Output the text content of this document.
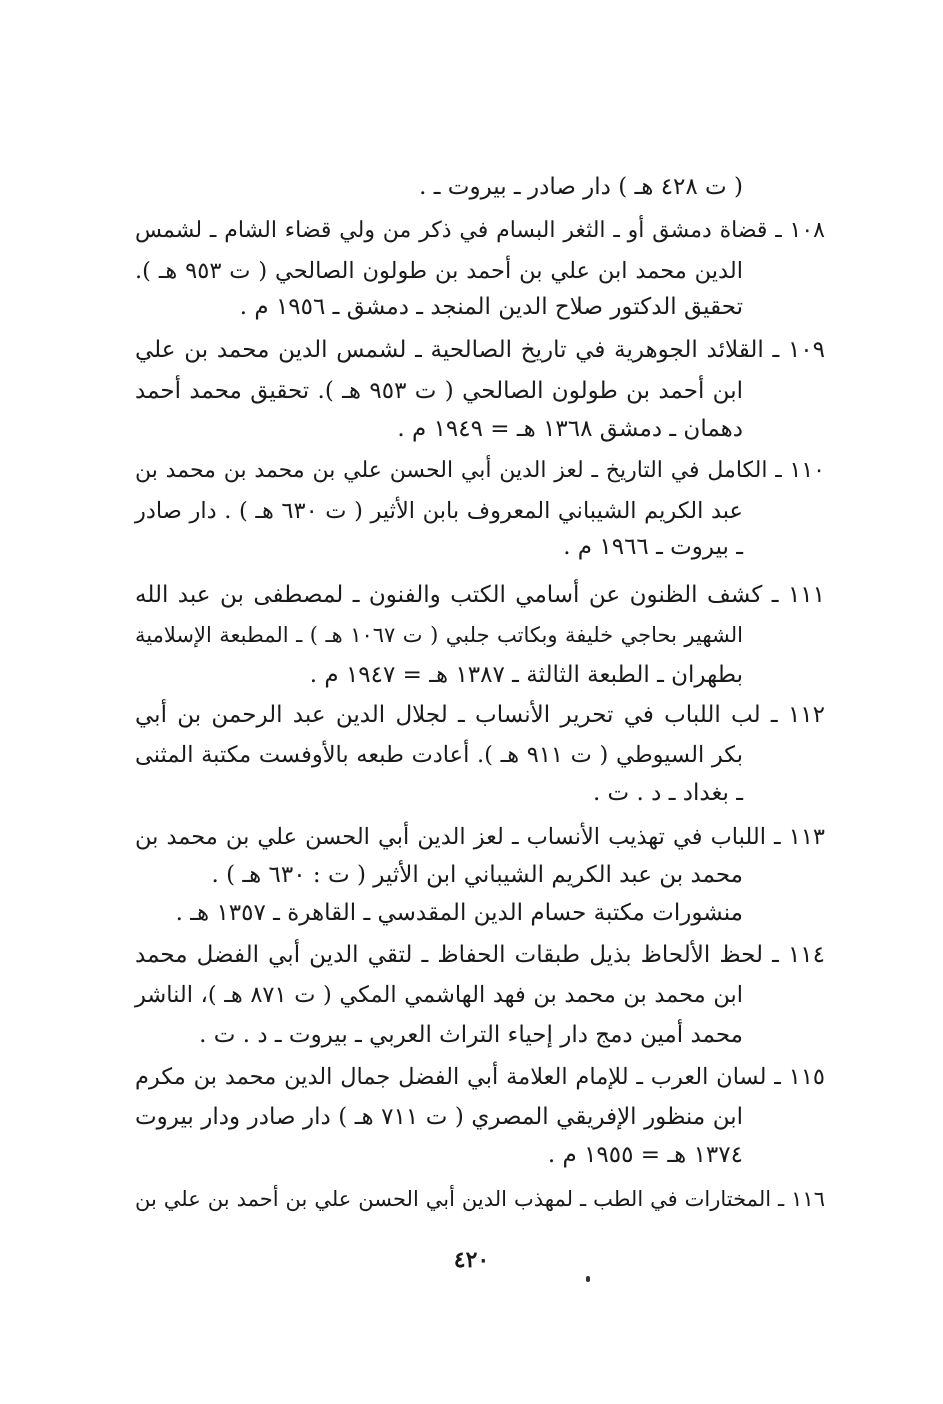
( ت ٤٢٨ هـ ) دار صادر ـ بيروت ـ .
١٠٨ ـ قضاة دمشق أو ـ الثغر البسام في ذكر من ولي قضاء الشام ـ لشمس
الدين محمد ابن علي بن أحمد بن طولون الصالحي ( ت ٩٥٣ هـ ).
تحقيق الدكتور صلاح الدين المنجد ـ دمشق ـ ١٩٥٦ م .
١٠٩ ـ القلائد الجوهرية في تاريخ الصالحية ـ لشمس الدين محمد بن علي
ابن أحمد بن طولون الصالحي ( ت ٩٥٣ هـ ). تحقيق محمد أحمد
دهمان ـ دمشق ١٣٦٨ هـ = ١٩٤٩ م .
١١٠ ـ الكامل في التاريخ ـ لعز الدين أبي الحسن علي بن محمد بن محمد بن
عبد الكريم الشيباني المعروف بابن الأثير ( ت ٦٣٠ هـ ) . دار صادر
ـ بيروت ـ ١٩٦٦ م .
١١١ ـ كشف الظنون عن أسامي الكتب والفنون ـ لمصطفى بن عبد الله
الشهير بحاجي خليفة وبكاتب جلبي ( ت ١٠٦٧ هـ ) ـ المطبعة الإسلامية
بطهران ـ الطبعة الثالثة ـ ١٣٨٧ هـ = ١٩٤٧ م .
١١٢ ـ لب اللباب في تحرير الأنساب ـ لجلال الدين عبد الرحمن بن أبي
بكر السيوطي ( ت ٩١١ هـ ). أعادت طبعه بالأوفست مكتبة المثنى
ـ بغداد ـ د . ت .
١١٣ ـ اللباب في تهذيب الأنساب ـ لعز الدين أبي الحسن علي بن محمد بن
محمد بن عبد الكريم الشيباني ابن الأثير ( ت : ٦٣٠ هـ ) .
منشورات مكتبة حسام الدين المقدسي ـ القاهرة ـ ١٣٥٧ هـ .
١١٤ ـ لحظ الألحاظ بذيل طبقات الحفاظ ـ لتقي الدين أبي الفضل محمد
ابن محمد بن محمد بن فهد الهاشمي المكي ( ت ٨٧١ هـ )، الناشر
محمد أمين دمج دار إحياء التراث العربي ـ بيروت ـ د . ت .
١١٥ ـ لسان العرب ـ للإمام العلامة أبي الفضل جمال الدين محمد بن مكرم
ابن منظور الإفريقي المصري ( ت ٧١١ هـ ) دار صادر ودار بيروت
١٣٧٤ هـ = ١٩٥٥ م .
١١٦ ـ المختارات في الطب ـ لمهذب الدين أبي الحسن علي بن أحمد بن علي بن
٤٢٠
